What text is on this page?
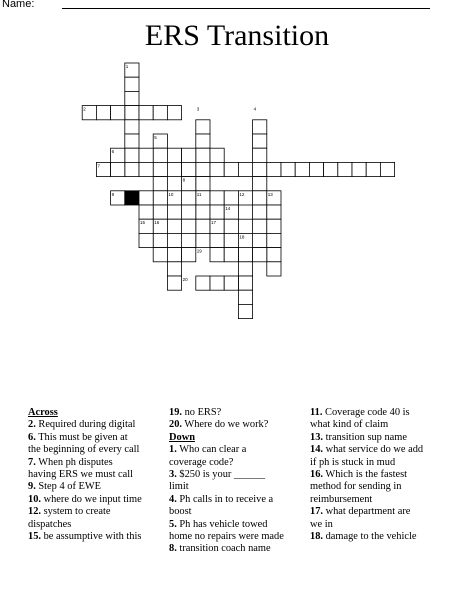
Name:
ERS Transition
1
2	3	4
5
6
7
8
9	10	11	12	13
14
15 16	17
18
19
20
Across
2. Required during digital
6. This must be given at
the beginning of every call
7. When ph disputes
having ERS we must call
9. Step 4 of EWE
10. where do we input time
12. system to create
dispatches
15. be assumptive with this
19. no ERS?
20. Where do we work?
Down
1. Who can clear a
coverage code?
3. $250 is your ______
limit
4. Ph calls in to receive a
boost
5. Ph has vehicle towed
home no repairs were made
8. transition coach name
11. Coverage code 40 is
what kind of claim
13. transition sup name
14. what service do we add
if ph is stuck in mud
16. Which is the fastest
method for sending in
reimbursement
17. what department are
we in
18. damage to the vehicle
